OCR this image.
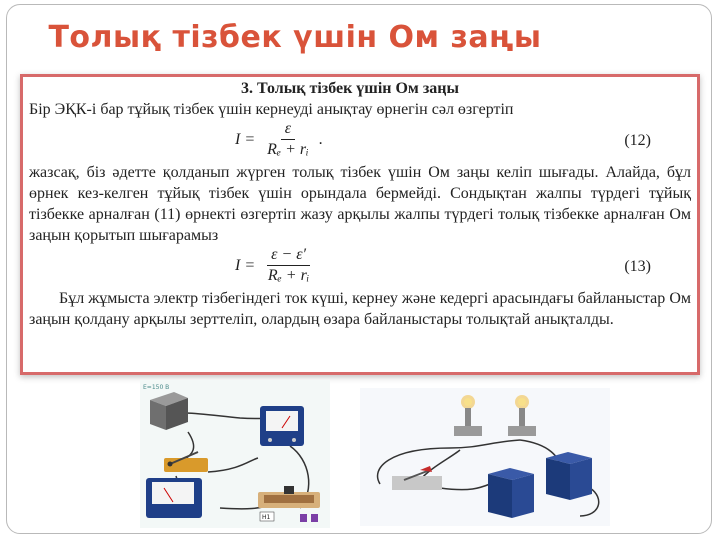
Толық тізбек үшін Ом заңы
3. Толық тізбек үшін Ом заңы

Бір ЭҚК-і бар тұйық тізбек үшін кернеуді анықтау өрнегін сәл өзгертіп

$I = \frac{\varepsilon}{\text{Rₑ + rᵢ}}$ .	(12)

жазсақ, біз әдетте қолданып жүрген толық тізбек үшін Ом заңы келіп шығады. Алайда, бұл өрнек кез-келген тұйық тізбек үшін орындала бермейді. Сондықтан жалпы түрдегі тұйық тізбекке арналған (11) өрнекті өзгертіп жазу арқылы жалпы түрдегі толық тізбекке арналған Ом заңын қорытып шығарамыз

$I = \frac{\varepsilon - \varepsilon'}{\text{Rₑ + rᵢ}}$	(13)

Бұл жұмыста электр тізбегіндегі ток күші, кернеу және кедергі арасындағы байланыстар Ом заңын қолдану арқылы зерттеліп, олардың өзара байланыстары толықтай анықталды.

E=150 В
H1
